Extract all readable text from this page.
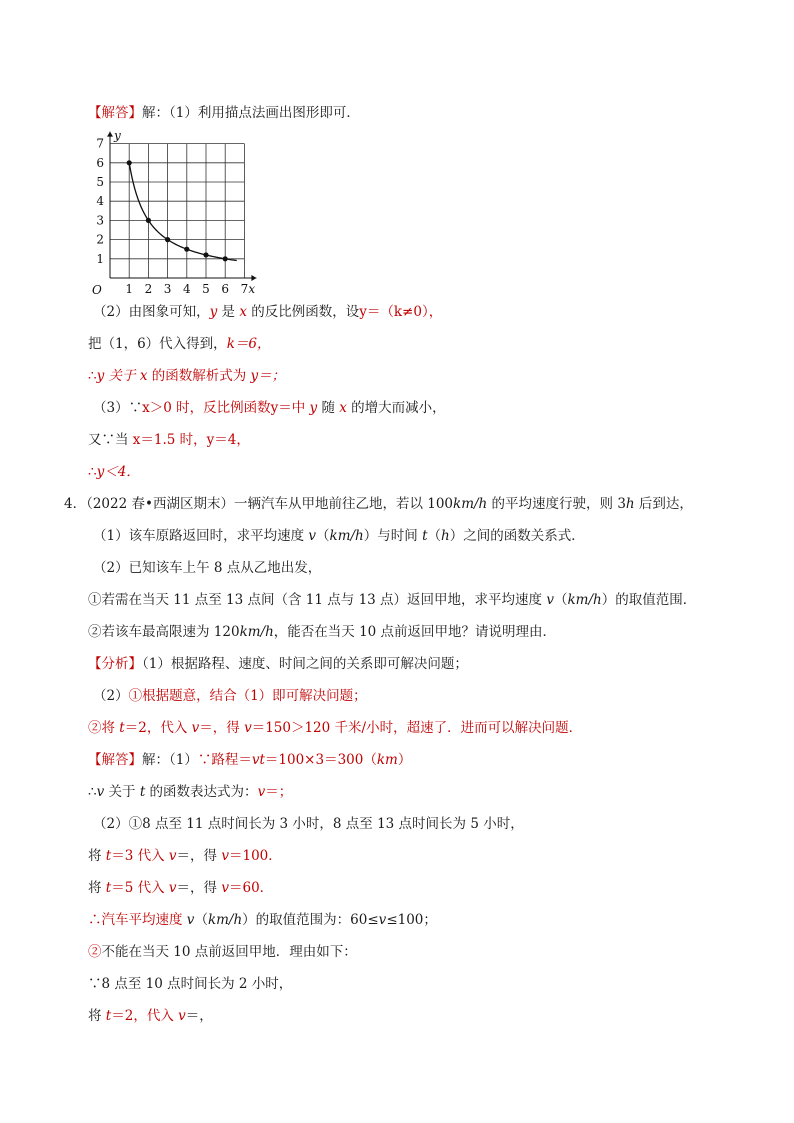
【解答】解：（1）利用描点法画出图形即可．
1 2 3 4 5 6 7
1
2
3
4
5
6
7
O	x
y
（2）由图象可知，y 是 x 的反比例函数，设y＝（k≠0），
把（1，6）代入得到，k＝6，
∴y 关于 x 的函数解析式为 y＝；
（3）∵x＞0 时，反比例函数y＝中 y 随 x 的增大而减小，
又∵当 x＝1.5 时，y＝4，
∴y＜4．
4．（2022 春•西湖区期末）一辆汽车从甲地前往乙地，若以 100km/h 的平均速度行驶，则 3h 后到达，
（1）该车原路返回时，求平均速度 v（km/h）与时间 t（h）之间的函数关系式．
（2）已知该车上午 8 点从乙地出发，
①若需在当天 11 点至 13 点间（含 11 点与 13 点）返回甲地，求平均速度 v（km/h）的取值范围．
②若该车最高限速为 120km/h，能否在当天 10 点前返回甲地？请说明理由．
【分析】（1）根据路程、速度、时间之间的关系即可解决问题；
（2）①根据题意，结合（1）即可解决问题；
②将 t＝2，代入 v＝，得 v＝150＞120 千米/小时，超速了．进而可以解决问题．
【解答】解：（1）∵路程＝vt＝100×3＝300（km）
∴v 关于 t 的函数表达式为：v＝；
（2）①8 点至 11 点时间长为 3 小时，8 点至 13 点时间长为 5 小时，
将 t＝3 代入 v＝，得 v＝100．
将 t＝5 代入 v＝，得 v＝60．
∴汽车平均速度 v（km/h）的取值范围为：60≤v≤100；
②不能在当天 10 点前返回甲地．理由如下：
∵8 点至 10 点时间长为 2 小时，
将 t＝2，代入 v＝，
